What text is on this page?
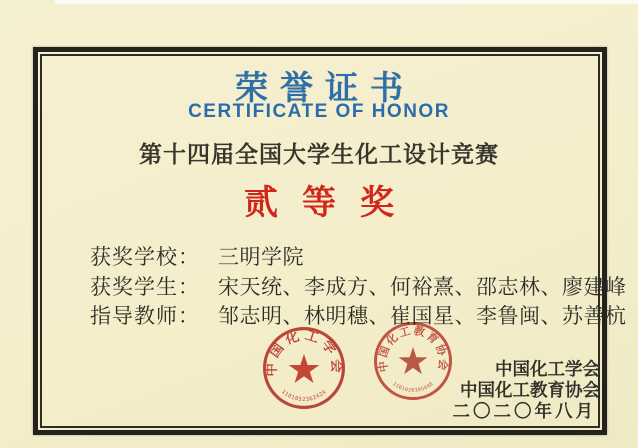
荣誉证书
CERTIFICATE OF HONOR
第十四届全国大学生化工设计竞赛
贰等奖
获奖学校： 三明学院
获奖学生： 宋天统、李成方、何裕熹、邵志林、廖建峰
指导教师： 邹志明、林明穗、崔国星、李鲁闽、苏善杭
中国化工学会
1101052362424
中国化工教育协会
1101020395448
中国化工学会
中国化工教育协会
二〇二〇年八月
